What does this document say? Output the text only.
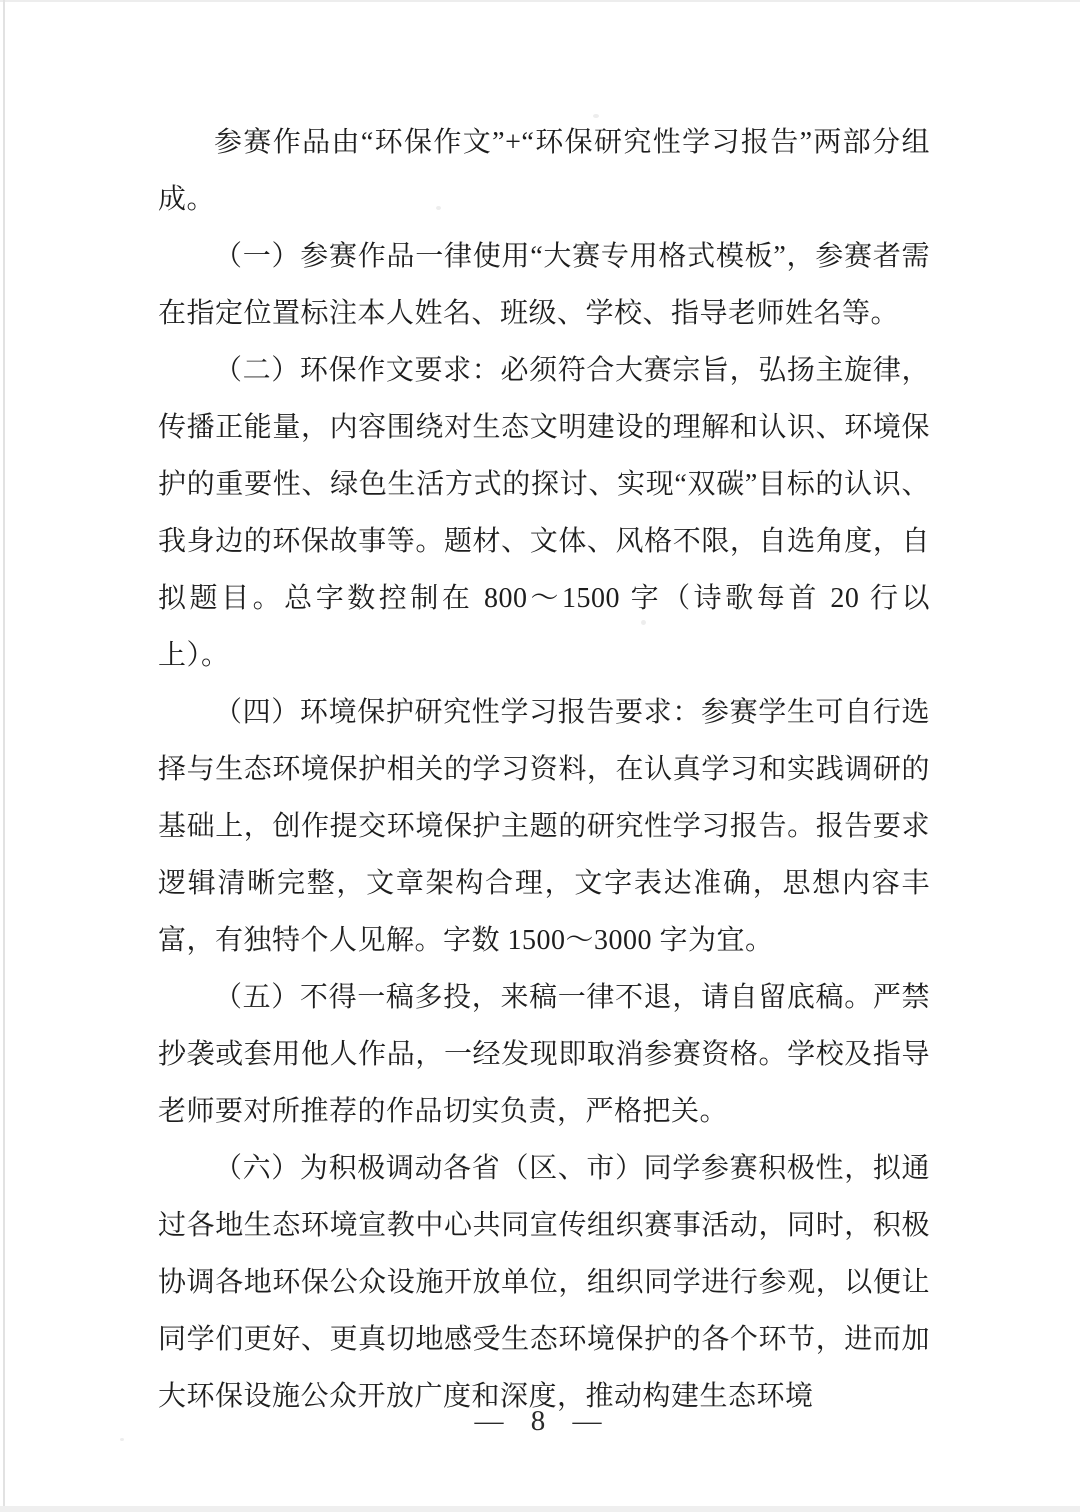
参赛作品由“环保作文”+“环保研究性学习报告”两部分组成。

（一）参赛作品一律使用“大赛专用格式模板”，参赛者需在指定位置标注本人姓名、班级、学校、指导老师姓名等。

（二）环保作文要求：必须符合大赛宗旨，弘扬主旋律，传播正能量，内容围绕对生态文明建设的理解和认识、环境保护的重要性、绿色生活方式的探讨、实现“双碳”目标的认识、我身边的环保故事等。题材、文体、风格不限，自选角度，自拟题目。总字数控制在 800～1500 字（诗歌每首 20 行以上）。

（四）环境保护研究性学习报告要求：参赛学生可自行选择与生态环境保护相关的学习资料，在认真学习和实践调研的基础上，创作提交环境保护主题的研究性学习报告。报告要求逻辑清晰完整，文章架构合理，文字表达准确，思想内容丰富，有独特个人见解。字数 1500～3000 字为宜。

（五）不得一稿多投，来稿一律不退，请自留底稿。严禁抄袭或套用他人作品，一经发现即取消参赛资格。学校及指导老师要对所推荐的作品切实负责，严格把关。

（六）为积极调动各省（区、市）同学参赛积极性，拟通过各地生态环境宣教中心共同宣传组织赛事活动，同时，积极协调各地环保公众设施开放单位，组织同学进行参观，以便让同学们更好、更真切地感受生态环境保护的各个环节，进而加大环保设施公众开放广度和深度，推动构建生态环境

— 8 —
